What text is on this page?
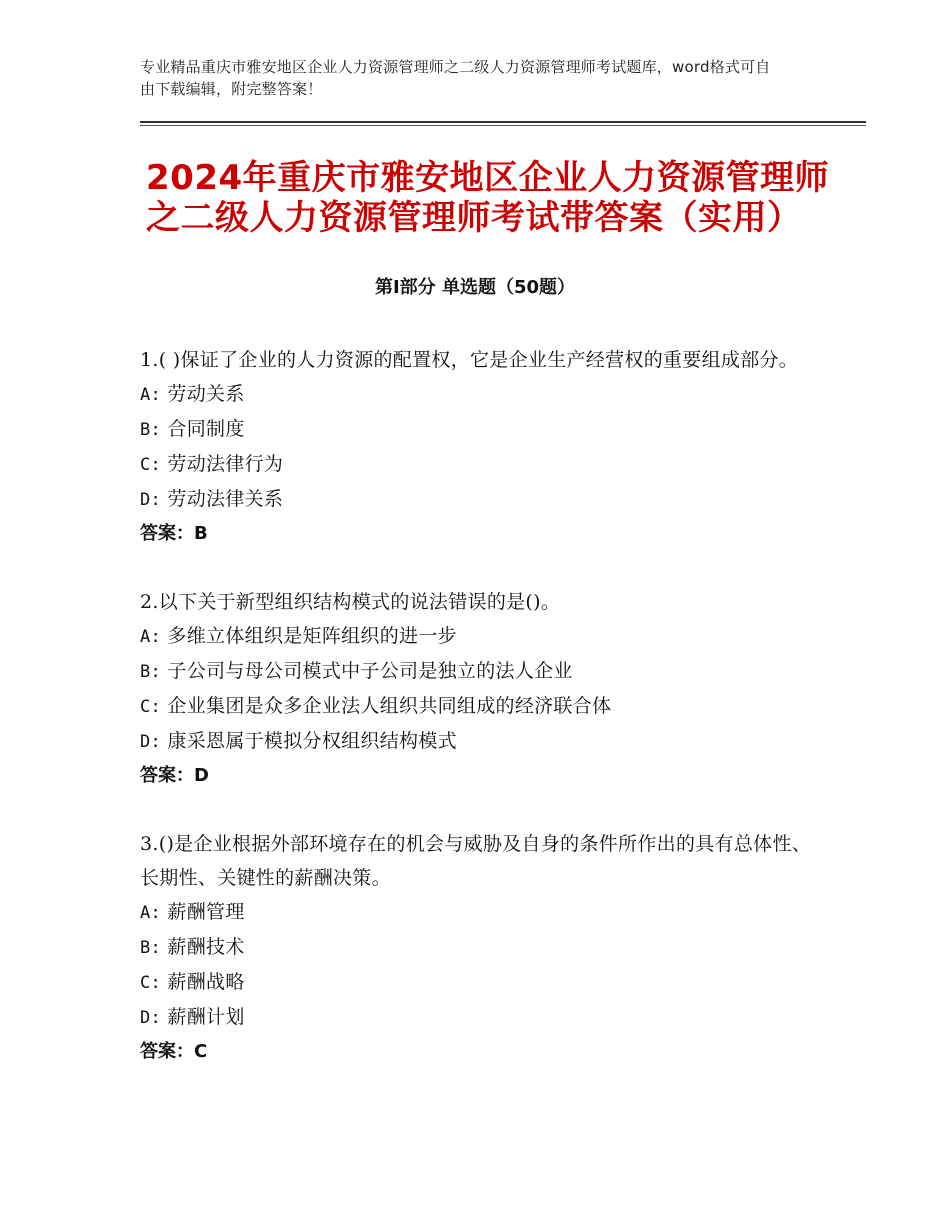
专业精品重庆市雅安地区企业人力资源管理师之二级人力资源管理师考试题库，word格式可自由下载编辑，附完整答案！
2024年重庆市雅安地区企业人力资源管理师之二级人力资源管理师考试带答案（实用）
第Ⅰ部分 单选题（50题）
1.( )保证了企业的人力资源的配置权，它是企业生产经营权的重要组成部分。
A: 劳动关系
B: 合同制度
C: 劳动法律行为
D: 劳动法律关系
答案：B
2.以下关于新型组织结构模式的说法错误的是()。
A: 多维立体组织是矩阵组织的进一步
B: 子公司与母公司模式中子公司是独立的法人企业
C: 企业集团是众多企业法人组织共同组成的经济联合体
D: 康采恩属于模拟分权组织结构模式
答案：D
3.()是企业根据外部环境存在的机会与威胁及自身的条件所作出的具有总体性、长期性、关键性的薪酬决策。
A: 薪酬管理
B: 薪酬技术
C: 薪酬战略
D: 薪酬计划
答案：C
